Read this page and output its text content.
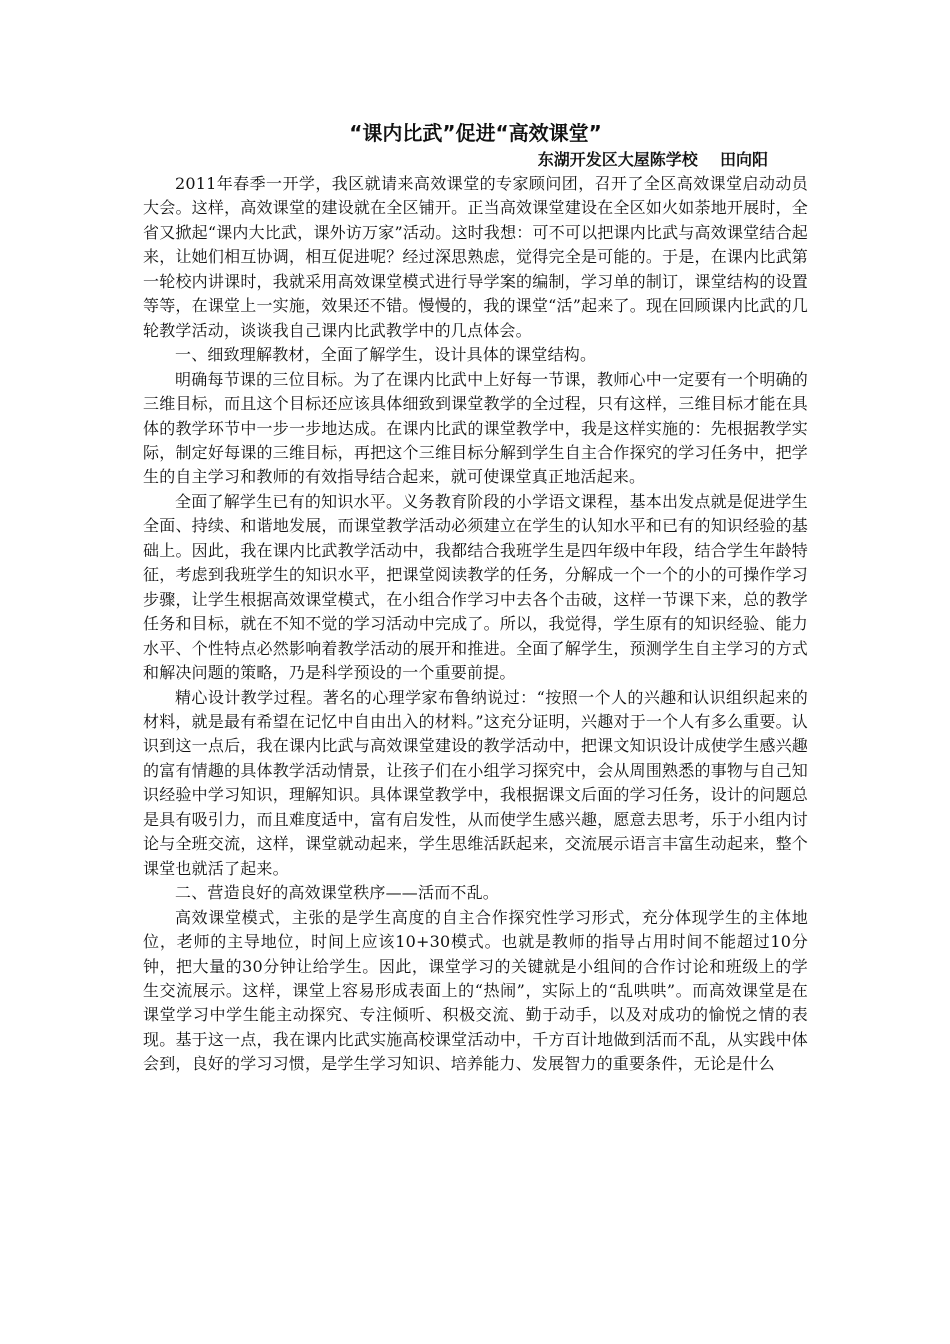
“课内比武”促进“高效课堂”
东湖开发区大屋陈学校    田向阳

2011年春季一开学，我区就请来高效课堂的专家顾问团，召开了全区高效课堂启动动员大会。这样，高效课堂的建设就在全区铺开。正当高效课堂建设在全区如火如荼地开展时，全省又掀起“课内大比武，课外访万家”活动。这时我想：可不可以把课内比武与高效课堂结合起来，让她们相互协调，相互促进呢？经过深思熟虑，觉得完全是可能的。于是，在课内比武第一轮校内讲课时，我就采用高效课堂模式进行导学案的编制，学习单的制订，课堂结构的设置等等，在课堂上一实施，效果还不错。慢慢的，我的课堂“活”起来了。现在回顾课内比武的几轮教学活动，谈谈我自己课内比武教学中的几点体会。

一、细致理解教材，全面了解学生，设计具体的课堂结构。

明确每节课的三位目标。为了在课内比武中上好每一节课，教师心中一定要有一个明确的三维目标，而且这个目标还应该具体细致到课堂教学的全过程，只有这样，三维目标才能在具体的教学环节中一步一步地达成。在课内比武的课堂教学中，我是这样实施的：先根据教学实际，制定好每课的三维目标，再把这个三维目标分解到学生自主合作探究的学习任务中，把学生的自主学习和教师的有效指导结合起来，就可使课堂真正地活起来。

全面了解学生已有的知识水平。义务教育阶段的小学语文课程，基本出发点就是促进学生全面、持续、和谐地发展，而课堂教学活动必须建立在学生的认知水平和已有的知识经验的基础上。因此，我在课内比武教学活动中，我都结合我班学生是四年级中年段，结合学生年龄特征，考虑到我班学生的知识水平，把课堂阅读教学的任务，分解成一个一个的小的可操作学习步骤，让学生根据高效课堂模式，在小组合作学习中去各个击破，这样一节课下来，总的教学任务和目标，就在不知不觉的学习活动中完成了。所以，我觉得，学生原有的知识经验、能力水平、个性特点必然影响着教学活动的展开和推进。全面了解学生，预测学生自主学习的方式和解决问题的策略，乃是科学预设的一个重要前提。

精心设计教学过程。著名的心理学家布鲁纳说过：“按照一个人的兴趣和认识组织起来的材料，就是最有希望在记忆中自由出入的材料。”这充分证明，兴趣对于一个人有多么重要。认识到这一点后，我在课内比武与高效课堂建设的教学活动中，把课文知识设计成使学生感兴趣的富有情趣的具体教学活动情景，让孩子们在小组学习探究中，会从周围熟悉的事物与自己知识经验中学习知识，理解知识。具体课堂教学中，我根据课文后面的学习任务，设计的问题总是具有吸引力，而且难度适中，富有启发性，从而使学生感兴趣，愿意去思考，乐于小组内讨论与全班交流，这样，课堂就动起来，学生思维活跃起来，交流展示语言丰富生动起来，整个课堂也就活了起来。

二、营造良好的高效课堂秩序——活而不乱。

高效课堂模式，主张的是学生高度的自主合作探究性学习形式，充分体现学生的主体地位，老师的主导地位，时间上应该10+30模式。也就是教师的指导占用时间不能超过10分钟，把大量的30分钟让给学生。因此，课堂学习的关键就是小组间的合作讨论和班级上的学生交流展示。这样，课堂上容易形成表面上的“热闹”，实际上的“乱哄哄”。而高效课堂是在课堂学习中学生能主动探究、专注倾听、积极交流、勤于动手，以及对成功的愉悦之情的表现。基于这一点，我在课内比武实施高校课堂活动中，千方百计地做到活而不乱，从实践中体会到，良好的学习习惯，是学生学习知识、培养能力、发展智力的重要条件，无论是什么
